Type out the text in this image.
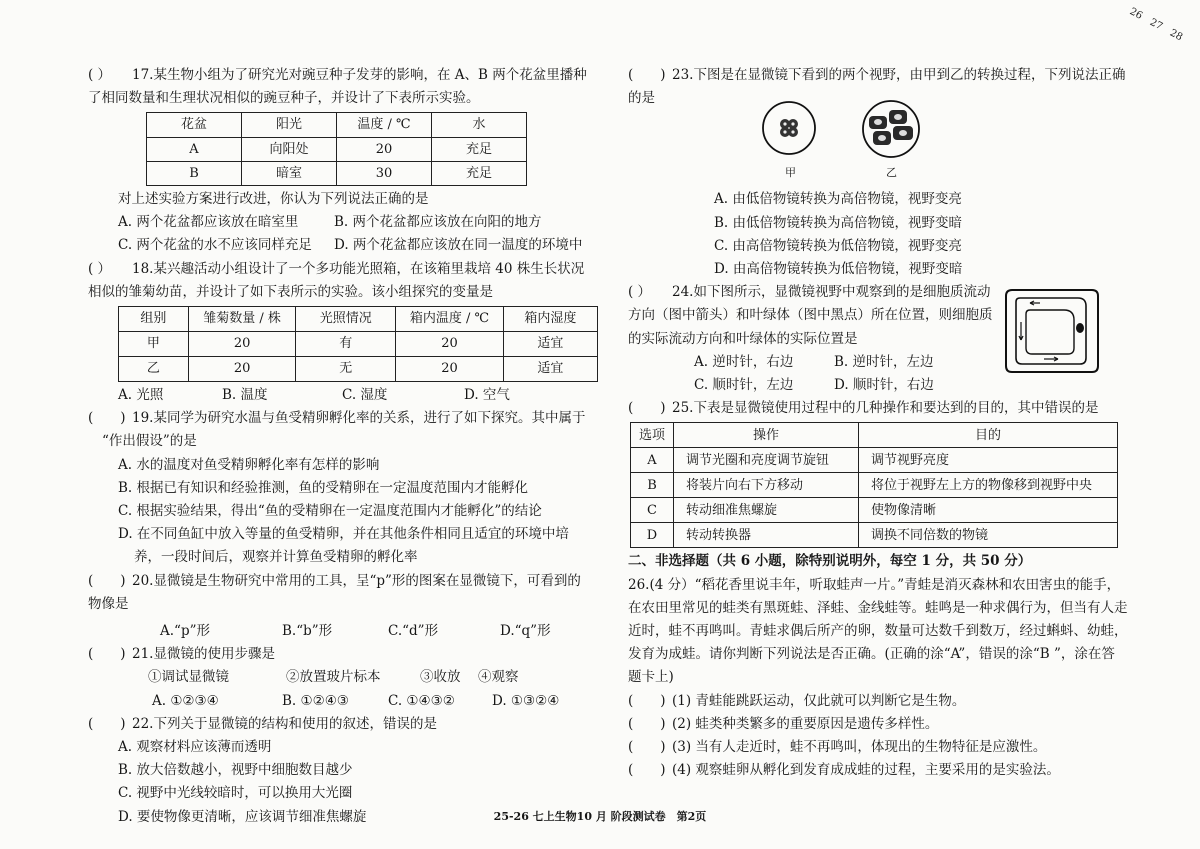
( ） 17.某生物小组为了研究光对豌豆种子发芽的影响，在 A、B 两个花盆里播种
了相同数量和生理状况相似的豌豆种子，并设计了下表所示实验。
花盆	阳光	温度 / ℃	水
A	向阳处	20	充足
B	暗室	30	充足
对上述实验方案进行改进，你认为下列说法正确的是
A. 两个花盆都应该放在暗室里	B. 两个花盆都应该放在向阳的地方
C. 两个花盆的水不应该同样充足 D. 两个花盆都应该放在同一温度的环境中
( ） 18.某兴趣活动小组设计了一个多功能光照箱，在该箱里栽培 40 株生长状况
相似的雏菊幼苗，并设计了如下表所示的实验。该小组探究的变量是
组别	雏菊数量 / 株	光照情况	箱内温度 / ℃	箱内湿度
甲	20	有	20	适宜
乙	20	无	20	适宜
A. 光照	B. 温度	C. 湿度	D. 空气
(　　) 19.某同学为研究水温与鱼受精卵孵化率的关系，进行了如下探究。其中属于
“作出假设”的是
A. 水的温度对鱼受精卵孵化率有怎样的影响
B. 根据已有知识和经验推测，鱼的受精卵在一定温度范围内才能孵化
C. 根据实验结果，得出“鱼的受精卵在一定温度范围内才能孵化”的结论
D. 在不同鱼缸中放入等量的鱼受精卵，并在其他条件相同且适宜的环境中培
养，一段时间后，观察并计算鱼受精卵的孵化率
(　　) 20.显微镜是生物研究中常用的工具，呈“p”形的图案在显微镜下，可看到的
物像是
A.“p”形	B.“b”形	C.“d”形	D.“q”形
(　　) 21.显微镜的使用步骤是
①调试显微镜	②放置玻片标本	③收放 ④观察
A. ①②③④	B. ①②④③	C. ①④③②	D. ①③②④
(　　) 22.下列关于显微镜的结构和使用的叙述，错误的是
A. 观察材料应该薄而透明
B. 放大倍数越小，视野中细胞数目越少
C. 视野中光线较暗时，可以换用大光圈
D. 要使物像更清晰，应该调节细准焦螺旋
(　　) 23.下图是在显微镜下看到的两个视野，由甲到乙的转换过程，下列说法正确
的是
A. 由低倍物镜转换为高倍物镜，视野变亮
B. 由低倍物镜转换为高倍物镜，视野变暗
C. 由高倍物镜转换为低倍物镜，视野变亮
D. 由高倍物镜转换为低倍物镜，视野变暗
( ） 24.如下图所示，显微镜视野中观察到的是细胞质流动
方向（图中箭头）和叶绿体（图中黑点）所在位置，则细胞质
的实际流动方向和叶绿体的实际位置是
A. 逆时针，右边	B. 逆时针，左边
C. 顺时针，左边	D. 顺时针，右边
(　　) 25.下表是显微镜使用过程中的几种操作和要达到的目的，其中错误的是
选项	操作	目的
A	调节光圈和亮度调节旋钮	调节视野亮度
B	将装片向右下方移动	将位于视野左上方的物像移到视野中央
C	转动细准焦螺旋	使物像清晰
D	转动转换器	调换不同倍数的物镜
二、非选择题（共 6 小题，除特别说明外，每空 1 分，共 50 分）
26.(4 分）“稻花香里说丰年，听取蛙声一片。”青蛙是消灭森林和农田害虫的能手，
在农田里常见的蛙类有黑斑蛙、泽蛙、金线蛙等。蛙鸣是一种求偶行为，但当有人走
近时，蛙不再鸣叫。青蛙求偶后所产的卵，数量可达数千到数万，经过蝌蚪、幼蛙，
发育为成蛙。请你判断下列说法是否正确。(正确的涂“A”，错误的涂“B ”，涂在答
题卡上)
(　　) (1) 青蛙能跳跃运动，仅此就可以判断它是生物。
(　　) (2) 蛙类种类繁多的重要原因是遗传多样性。
(　　) (3) 当有人走近时，蛙不再鸣叫，体现出的生物特征是应激性。
(　　) (4) 观察蛙卵从孵化到发育成成蛙的过程，主要采用的是实验法。
甲	乙
26　27　28
25-26 七上生物10 月 阶段测试卷　第2页
